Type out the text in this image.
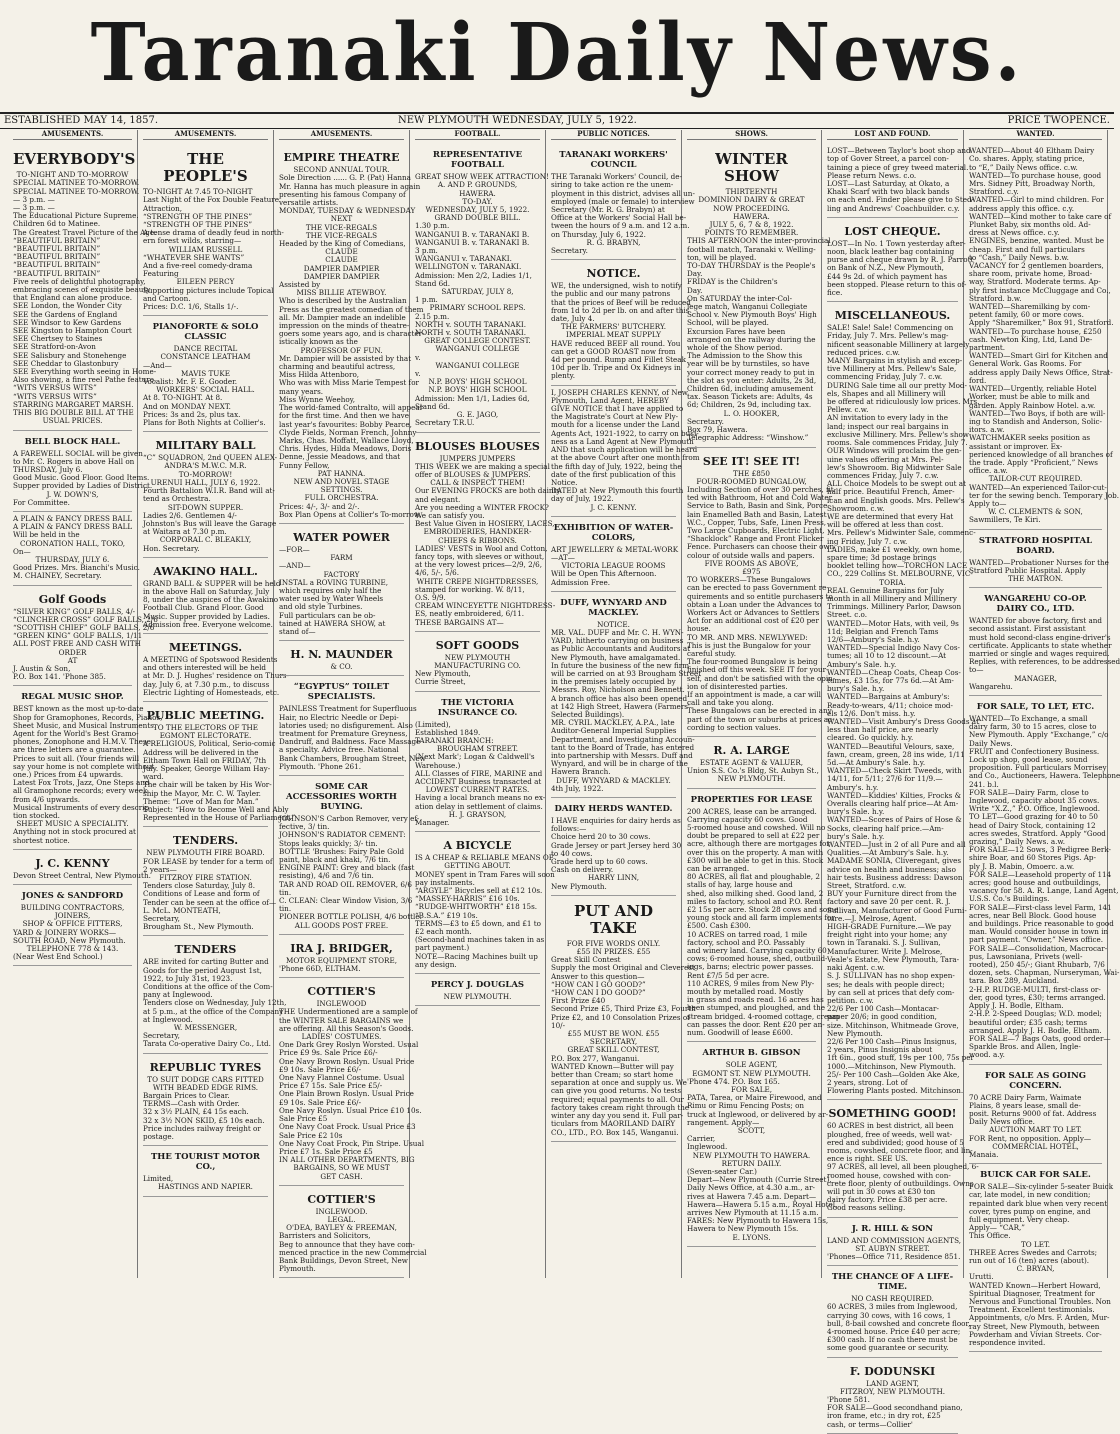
Taranaki Daily News.
ESTABLISHED MAY 14, 1857.	NEW PLYMOUTH WEDNESDAY, JULY 5, 1922.	PRICE TWOPENCE.
AMUSEMENTS.
EVERYBODY'S
TO-NIGHT AND TO-MORROW
SPECIAL MATINEE TO-MORROW.
SPECIAL MATINEE TO-MORROW.
— 3 p.m. —
— 3 p.m. —
The Educational Picture Supreme.
Children 6d to Matinee.
The Greatest Travel Picture of the Age.
“BEAUTIFUL BRITAIN”
“BEAUTIFUL BRITAIN”
“BEAUTIFUL BRITAIN”
“BEAUTIFUL BRITAIN”
“BEAUTIFUL BRITAIN”
Five reels of delightful photography,
embracing scenes of exquisite beauty
that England can alone produce.
SEE London, the Wonder City
SEE the Gardens of England
SEE Windsor to Kew Gardens
SEE Kingston to Hampton Court
SEE Chertsey to Staines
SEE Stratford-on-Avon
SEE Salisbury and Stonehenge
SEE Cheddar to Glastonbury
SEE Everything worth seeing in Home-
Also showing, a fine reel Pathe feature,
“WITS VERSUS WITS”
“WITS VERSUS WITS”
STARRING MARGARET MARSH.
THIS BIG DOUBLE BILL AT THE
USUAL PRICES.
BELL BLOCK HALL.
A FAREWELL SOCIAL will be given
to Mr. C. Rogers in above Hall on
THURSDAY, July 6.
Good Music. Good Floor. Good Items.
Supper provided by Ladies of District.
J. W. DOWN'S,
For Committee.
A PLAIN & FANCY DRESS BALL
A PLAIN & FANCY DRESS BALL
Will be held in the
CORONATION HALL, TOKO,
On—
THURSDAY, JULY 6.
Good Prizes. Mrs. Bianchi's Music.
M. CHAINEY, Secretary.
Golf Goods
“SILVER KING” GOLF BALLS, 4/-
“CLINCHER CROSS” GOLF BALLS, 2/6
“SCOTTISH CHIEF” GOLF BALLS, 2/6
“GREEN KING” GOLF BALLS, 1/11
ALL POST FREE AND CASH WITH
ORDER
AT
J. Austin & Son,
P.O. Box 141. 'Phone 385.
REGAL MUSIC SHOP.
BEST known as the most up-to-date
Shop for Gramophones, Records, Pianos,
Sheet Music, and Musical Instruments.
Agent for the World's Best Gramo-
phones, Zonophone and H.M.V. These
are three letters are a guarantee.
Prices to suit all. (Your friends will
say your home is not complete without
one.) Prices from £4 upwards.
Latest Fox Trots, Jazz, One Steps and
all Gramophone records; every week
from 4/6 upwards.
Musical Instruments of every descrip-
tion stocked.
SHEET MUSIC A SPECIALITY.
Anything not in stock procured at
shortest notice.
J. C. KENNY
Devon Street Central, New Plymouth.
JONES & SANDFORD
BUILDING CONTRACTORS,
JOINERS,
SHOP & OFFICE FITTERS,
YARD & JOINERY WORKS—
SOUTH ROAD, New Plymouth.
TELEPHONE 778 & 143.
(Near West End School.)
AMUSEMENTS.
THE PEOPLE'S
TO-NIGHT At 7.45 TO-NIGHT
Last Night of the Fox Double Feature
Attraction,
“STRENGTH OF THE PINES”
“STRENGTH OF THE PINES”
A tense drama of deadly feud in north-
ern forest wilds, starring—
WILLIAM RUSSELL
“WHATEVER SHE WANTS”
And a five-reel comedy-drama
Featuring
EILEEN PERCY
Supporting pictures include Topical
and Cartoon.
Prices: D.C. 1/6, Stalls 1/-.
PIANOFORTE & SOLO CLASSIC
DANCE RECITAL
CONSTANCE LEATHAM
—And—
MAVIS TUKE
Vocalist: Mr. F. E. Gooder.
WORKERS' SOCIAL HALL.
At 8. TO-NIGHT. At 8.
And on MONDAY NEXT.
Prices: 3s and 2s, plus tax.
Plans for Both Nights at Collier's.
MILITARY BALL
“C” SQUADRON, 2nd QUEEN ALEX-
ANDRA'S M.W.C. M.R.
TO-MORROW!
URENUI HALL, JULY 6, 1922.
Fourth Battalion W.I.R. Band will at-
tend as Orchestra.
SIT-DOWN SUPPER.
Ladies 2/6. Gentlemen 4/-
Johnston's Bus will leave the Garage
at Waitara at 7.30 p.m.
CORPORAL C. BLEAKLY,
Hon. Secretary.
AWAKINO HALL.
GRAND BALL & SUPPER will be held
in the above Hall on Saturday, July
8, under the auspices of the Awakino
Football Club. Grand Floor. Good
Music. Supper provided by Ladies.
Admission free. Everyone welcome.
MEETINGS.
A MEETING of Spotswood Residents
and others interested will be held
at Mr. D. J. Hughes' residence on Thurs-
day, July 6, at 7.30 p.m., to discuss
Electric Lighting of Homesteads, etc.
PUBLIC MEETING.
TO THE ELECTORS OF THE
EGMONT ELECTORATE.
A RELIGIOUS, Political, Serio-comic
Address will be delivered in the
Eltham Town Hall on FRIDAY, 7th
July. Speaker, George William Hay-
ward.
The chair will be taken by His Wor-
ship the Mayor, Mr. C. W. Tayler.
Theme: “Love of Man for Man.”
Subject: “How to Become Well and Ably
Represented in the House of Parliament.”
TENDERS.
NEW PLYMOUTH FIRE BOARD.
FOR LEASE by tender for a term of
2 years—
FITZROY FIRE STATION.
Tenders close Saturday, July 8.
Conditions of Lease and form of
Tender can be seen at the office of—
L. McL. MONTEATH,
Secretary,
Brougham St., New Plymouth.
TENDERS
ARE invited for carting Butter and
Goods for the period August 1st,
1922, to July 31st, 1923.
Conditions at the office of the Com-
pany at Inglewood.
Tenders close on Wednesday, July 12th,
at 5 p.m., at the office of the Company
at Inglewood.
W. MESSENGER,
Secretary,
Tarata Co-operative Dairy Co., Ltd.
REPUBLIC TYRES
TO SUIT DODGE CARS FITTED
WITH BEADED EDGE RIMS.
Bargain Prices to Clear.
TERMS—Cash with Order.
32 x 3½ PLAIN, £4 15s each.
32 x 3½ NON SKID, £5 10s each.
Price includes railway freight or
postage.
THE TOURIST MOTOR CO.,
Limited,
HASTINGS AND NAPIER.
AMUSEMENTS.
EMPIRE THEATRE
SECOND ANNUAL TOUR.
Sole Direction ...... G. P. (Pat) Hanna
Mr. Hanna has much pleasure in again
presenting his famous Company of
versatile artists.
MONDAY, TUESDAY & WEDNESDAY
NEXT
THE VICE-REGALS
THE VICE-REGALS
Headed by the King of Comedians,
CLAUDE
CLAUDE
DAMPIER DAMPIER
DAMPIER DAMPIER
Assisted by
MISS BILLIE ATEWBOY.
Who is described by the Australian
Press as the greatest comedian of them
all. Mr. Dampier made an indelible
impression on the minds of theatre-
goers some years ago, and is character-
istically known as the
PROFESSOR OF FUN.
Mr. Dampier will be assisted by that
charming and beautiful actress,
Miss Hilda Attenboro,
Who was with Miss Marie Tempest for
many years.
Miss Wynne Weehoy,
The world-famed Contralto, will appear
for the first time. And then we have
last year's favourites: Bobby Pearce,
Clyde Fields, Norman French, Johnny
Marks, Chas. Moffatt, Wallace Lloyd,
Chris. Hydes, Hilda Meadows, Doris
Denne, Jessie Meadows, and that
Funny Fellow,
PAT HANNA.
NEW AND NOVEL STAGE
SETTINGS.
FULL ORCHESTRA.
Prices: 4/-, 3/- and 2/-.
Box Plan Opens at Collier's To-morrow.
WATER POWER
—FOR—
FARM
—AND—
FACTORY
INSTAL a ROVING TURBINE,
which requires only half the
water used by Water Wheels
and old style Turbines.
Full particulars can be ob-
tained at HAWERA SHOW, at
stand of—
H. N. MAUNDER
& CO.
“EGYPTUS” TOILET SPECIALISTS.
PAINLESS Treatment for Superfluous
Hair, no Electric Needle or Depi-
latories used; no disfigurement. Also
treatment for Premature Greyness,
Dandruff, and Baldness. Face Massage
a specialty. Advice free. National
Bank Chambers, Brougham Street, New
Plymouth. 'Phone 261.
SOME CAR ACCESSORIES WORTH BUYING.
JOHNSON'S Carbon Remover, very ef-
fective, 3/ tin.
JOHNSON'S RADIATOR CEMENT:
Stops leaks quickly; 3/- tin.
BOTTLE 'Brushes: Fairy Pale Gold
paint, black and khaki, 7/6 tin.
ENGINE PAINT: Grey and black (fast
resisting), 4/6 and 7/6 tin.
TAR AND ROAD OIL REMOVER, 6/6
tin.
C. CLEAN: Clear Window Vision, 3/6
tin.
PIONEER BOTTLE POLISH, 4/6 bottle.
ALL GOODS POST FREE.
IRA J. BRIDGER,
MOTOR EQUIPMENT STORE,
'Phone 66D, ELTHAM.
COTTIER'S
INGLEWOOD
THE Undermentioned are a sample of
the WINTER SALE BARGAINS we
are offering. All this Season's Goods.
LADIES' COSTUMES.
One Dark Grey Roslyn Worsted. Usual
Price £9 9s. Sale Price £6/-
One Navy Brown Roslyn. Usual Price
£9 10s. Sale Price £6/-
One Navy Flannel Costume. Usual
Price £7 15s. Sale Price £5/-
One Plain Brown Roslyn. Usual Price
£9 10s. Sale Price £6/-
One Navy Roslyn. Usual Price £10 10s.
Sale Price £5
One Navy Coat Frock. Usual Price £3
Sale Price £2 10s
One Navy Coat Frock, Pin Stripe. Usual
Price £7 1s. Sale Price £5
IN ALL OTHER DEPARTMENTS, BIG
BARGAINS, SO WE MUST
GET CASH.
COTTIER'S
INGLEWOOD.
LEGAL.
O'DEA, BAYLEY & FREEMAN,
Barristers and Solicitors,
Beg to announce that they have com-
menced practice in the new Commercial
Bank Buildings, Devon Street, New
Plymouth.
FOOTBALL.
REPRESENTATIVE FOOTBALL
GREAT SHOW WEEK ATTRACTION!
A. AND P. GROUNDS,
HAWERA.
TO-DAY.
WEDNESDAY, JULY 5, 1922.
GRAND DOUBLE BILL.
1.30 p.m.
WANGANUI B. v. TARANAKI B.
WANGANUI B. v. TARANAKI B.
3 p.m.
WANGANUI v. TARANAKI.
WELLINGTON v. TARANAKI.
Admission: Men 2/2, Ladies 1/1,
Stand 6d.
SATURDAY, JULY 8,
1 p.m.
PRIMARY SCHOOL REPS.
2.15 p.m.
NORTH v. SOUTH TARANAKI.
NORTH v. SOUTH TARANAKI.
GREAT COLLEGE CONTEST.
WANGANUI COLLEGE
v.
WANGANUI COLLEGE
v.
N.P. BOYS' HIGH SCHOOL
N.P. BOYS' HIGH SCHOOL
Admission: Men 1/1, Ladies 6d,
Stand 6d.
G. E. JAGO,
Secretary T.R.U.
BLOUSES BLOUSES
JUMPERS JUMPERS
THIS WEEK we are making a special
offer of BLOUSES & JUMPERS.
CALL & INSPECT THEM!
Our EVENING FROCKS are both dainty
and elegant.
Are you needing a WINTER FROCK?
We can satisfy you.
Best Value Given in HOSIERY, LACES,
EMBROIDERIES, HANDKER-
CHIEFS & RIBBONS.
LADIES' VESTS in Wool and Cotton,
fancy tops, with sleeves or without,
at the very lowest prices—2/9, 2/6,
4/6, 5/-, 5/6.
WHITE CREPE NIGHTDRESSES,
stamped for working. W. 8/11,
O.S. 9/9.
CREAM WINCEYETTE NIGHTDRESS-
ES, neatly embroidered, 6/11.
THESE BARGAINS AT—
SOFT GOODS
NEW PLYMOUTH
MANUFACTURING CO.
New Plymouth,
Currie Street,
THE VICTORIA INSURANCE CO.
(Limited),
Established 1849.
TARANAKI BRANCH:
BROUGHAM STREET.
(Next Mark'; Logan & Caldwell's
Warehouse.)
ALL Classes of FIRE, MARINE and
ACCIDENT Business transacted at
LOWEST CURRENT RATES.
Having a local branch means no ex-
ation delay in settlement of claims.
H. J. GRAYSON,
Manager.
A BICYCLE
IS A CHEAP & RELIABLE MEANS OF
GETTING ABOUT.
MONEY spent in Tram Fares will soon
pay instalments.
“ARGYLE” Bicycles sell at £12 10s.
“MASSEY-HARRIS” £16 10s.
“RUDGE-WHITWORTH” £18 15s.
“B.S.A.” £19 10s.
TERMS—£3 to £5 down, and £1 to
£2 each month.
(Second-hand machines taken in as
part payment.)
NOTE—Racing Machines built up
any design.
PERCY J. DOUGLAS
NEW PLYMOUTH.
PUBLIC NOTICES.
TARANAKI WORKERS' COUNCIL
THE Taranaki Workers' Council, de-
siring to take action re the unem-
ployment in this district, advises all un-
employed (male or female) to interview
Secretary (Mr. R. G. Brabyn) at
Office at the Workers' Social Hall be-
tween the hours of 9 a.m. and 12 a.m.
on Thursday, July 6, 1922.
R. G. BRABYN,
Secretary.
NOTICE.
WE, the undersigned, wish to notify
the public and our many patrons
that the prices of Beef will be reduced
from 1d to 2d per lb. on and after this
date, July 4.
THE FARMERS' BUTCHERY.
IMPERIAL MEAT SUPPLY
HAVE reduced BEEF all round. You
can get a GOOD ROAST now from
4d per pound. Rump and Fillet Steak
10d per lb. Tripe and Ox Kidneys in
plenty.
I, JOSEPH CHARLES KENNY, of New
Plymouth, Land Agent, HEREBY
GIVE NOTICE that I have applied to
the Magistrate's Court at New Ply-
mouth for a license under the Land
Agents Act, 1921-1922, to carry on busi-
ness as a Land Agent at New Plymouth
AND that such application will be heard
at the above Court after one month from
the fifth day of July, 1922, being the
date of the first publication of this
Notice.
DATED at New Plymouth this fourth
day of July, 1922.
J. C. KENNY.
EXHIBITION OF WATER-COLORS,
ART JEWELLERY & METAL-WORK
—AT—
VICTORIA LEAGUE ROOMS
Will be Open This Afternoon.
Admission Free.
DUFF, WYNYARD AND MACKLEY.
NOTICE.
MR. VAL. DUFF and Mr. C. H. WYN-
YARD, hitherto carrying on business
as Public Accountants and Auditors at
New Plymouth, have amalgamated.
In future the business of the new firm
will be carried on at 93 Brougham Street
in the premises lately occupied by
Messrs. Roy, Nicholson and Bennett.
A branch office has also been opened
at 142 High Street, Hawera (Farmers'
Selected Buildings).
MR. CYRIL MACKLEY, A.P.A., late
Auditor-General Imperial Supplies
Department, and Investigating Accoun-
tant to the Board of Trade, has entered
into partnership with Messrs. Duff and
Wynyard, and will be in charge of the
Hawera Branch.
DUFF, WYNYARD & MACKLEY.
4th July, 1922.
DAIRY HERDS WANTED.
I HAVE enquiries for dairy herds as
follows:—
Choice herd 20 to 30 cows.
Grade Jersey or part Jersey herd 30
to 40 cows.
Grade herd up to 60 cows.
Cash on delivery.
HARRY LINN,
New Plymouth.
PUT AND TAKE
FOR FIVE WORDS ONLY.
£55 IN PRIZES. £55
Great Skill Contest
Supply the most Original and Cleverest
Answer to this question—
“HOW CAN I GO GOOD?”
“HOW CAN I DO GOOD?”
First Prize £40
Second Prize £5, Third Prize £3, Fourth
Prize £2, and 10 Consolation Prizes of
10/-
£55 MUST BE WON. £55
SECRETARY,
GREAT SKILL CONTEST,
P.O. Box 277, Wanganui.
WANTED Known—Butter will pay
better than Cream; so start home
separation at once and supply us. We
can give you good returns. No tests
required; equal payments to all. Our
factory takes cream right through the
winter any day you send it. Full par-
ticulars from MAORILAND DAIRY
CO., LTD., P.O. Box 145, Wanganui.
SHOWS.
WINTER SHOW
THIRTEENTH
DOMINION DAIRY & GREAT
NOW PROCEEDING.
HAWERA.
JULY 5, 6, 7 & 8, 1922.
POINTS TO REMEMBER.
THIS AFTERNOON the inter-provincial
football match, Taranaki v. Welling-
ton, will be played.
TO-DAY THURSDAY is the People's
Day.
FRIDAY is the Children's
Day.
On SATURDAY the inter-Col-
lege match, Wanganui Collegiate
School v. New Plymouth Boys' High
School, will be played.
Excursion Fares have been
arranged on the railway during the
whole of the Show period.
The Admission to the Show this
year will be by turnstiles, so have
your correct money ready to put in
the slot as you enter: Adults, 2s 3d,
Children 6d, including amusement
tax. Season Tickets are: Adults, 4s
6d; Children, 2s 9d, including tax.
L. O. HOOKER,
Secretary.
Box 79, Hawera.
Telegraphic Address: “Winshow.”
SEE IT! SEE IT!
THE £850
FOUR-ROOMED BUNGALOW,
Including Section of over 30 perches, fit-
ted with Bathroom, Hot and Cold Water
Service to Bath, Basin and Sink, Porce-
lain Enamelled Bath and Basin, Latest
W.C., Copper, Tubs, Safe, Linen Press,
Two Large Cupboards, Electric Light,
“Shacklock” Range and Front Flicker
Fence. Purchasers can choose their own
colour of outside walls and papers.
FIVE ROOMS AS ABOVE,
£975
TO WORKERS—These Bungalows
can be erected to pass Government re-
quirements and so entitle purchasers to
obtain a Loan under the Advances to
Workers Act or Advances to Settlers
Act for an additional cost of £20 per
house.
TO MR. AND MRS. NEWLYWED:
This is just the Bungalow for your
careful study.
The four-roomed Bungalow is being
finished off this week. SEE IT for your-
self, and don't be satisfied with the opin-
ion of disinterested parties.
If an appointment is made, a car will
call and take you along.
These Bungalows can be erected in any
part of the town or suburbs at prices ac-
cording to section values.
R. A. LARGE
ESTATE AGENT & VALUER,
Union S.S. Co.'s Bldg, St. Aubyn St.,
NEW PLYMOUTH.
PROPERTIES FOR LEASE
200 ACRES, lease can be arranged.
Carrying capacity 60 cows. Good
5-roomed house and cowshed. Will no
doubt be prepared to sell at £22 per
acre, although there are mortgages for
over this on the property. A man with
£300 will be able to get in this. Stock
can be arranged.
80 ACRES, all flat and ploughable, 2
stalls of hay, large house and
shed, also milking shed. Good land, 2
miles to factory, school and P.O. Rent
£2 15s per acre. Stock 28 cows and some
young stock and all farm implements for
£500. Cash £300.
10 ACRES on tarred road, 1 mile
factory, school and P.O. Passably
and winery land. Carrying capacity 60
cows; 6-roomed house, shed, outbuild-
ings, barns; electric power passes.
Rent £7/5 5d per acre.
110 ACRES, 9 miles from New Ply-
mouth by metalled road. Mostly
in grass and roads read. 16 acres has
been stumped, and ploughed, and the
stream bridged. 4-roomed cottage, cream
can passes the door. Rent £20 per an-
num. Goodwill of lease £600.
ARTHUR B. GIBSON
SOLE AGENT,
EGMONT ST. NEW PLYMOUTH.
'Phone 474. P.O. Box 165.
FOR SALE,
PATA, Tarea, or Maire Firewood, and
Rimu or Rimu Fencing Posts; on
truck at Inglewood, or delivered by ar-
rangement. Apply—
SCOTT,
Carrier,
Inglewood.
NEW PLYMOUTH TO HAWERA.
RETURN DAILY.
(Seven-seater Car.)
Depart—New Plymouth (Currie Street),
Daily News Office, at 4.30 a.m., ar-
rives at Hawera 7.45 a.m. Depart—
Hawera—Hawera 5.15 a.m., Royal Hotel,
arrives New Plymouth at 11.15 a.m.
FARES: New Plymouth to Hawera 15s,
Hawera to New Plymouth 15s.
E. LYONS.
LOST AND FOUND.
LOST—Between Taylor's boot shop and
top of Gover Street, a parcel con-
taining a piece of grey tweed material.
Please return News. c.o.
LOST—Last Saturday, at Okato, a
Khaki Scarf with two black bands
on each end. Finder please give to Sted-
ling and Andrews' Coachbuilder. c.y.
LOST CHEQUE.
LOST—In No. 1 Town yesterday after-
noon, black leather bag containing
purse and cheque drawn by R. J. Parrott
on Bank of N.Z., New Plymouth,
£44 9s 2d. of which payment has
been stopped. Please return to this of-
fice.
MISCELLANEOUS.
SALE! Sale! Sale! Commencing on
Friday, July 7. Mrs. Pellew's mag-
nificent seasonable Millinery at largely
reduced prices. c.w.
MANY Bargains in stylish and excep-
tive Millinery at Mrs. Pellew's Sale,
commencing Friday, July 7. c.w.
DURING Sale time all our pretty Mod-
els, Shapes and all Millinery will
be offered at ridiculously low prices. Mrs.
Pellew. c.w.
AN invitation to every lady in the
land; inspect our real bargains in
exclusive Millinery. Mrs. Pellew's show-
rooms. Sale commences Friday, July 7.
OUR Windows will proclaim the gen-
uine values offering at Mrs. Pel-
lew's Showroom. Big Midwinter Sale
commences Friday, July 7. c.w.
ALL Choice Models to be swept out at
half price. Beautiful French, Amer-
ican and English goods. Mrs. Pellew's
Showroom. c.w.
WE are determined that every Hat
will be offered at less than cost.
Mrs. Pellew's Midwinter Sale, commenc-
ing Friday, July 7. c.w.
LADIES, make £1 weekly, own home,
spare time; 3d postage brings
booklet telling how—TORCHON LACE
CO., 229 Collins St. MELBOURNE, VIC-
TORIA.
REAL Genuine Bargains for July
month in all Millinery and Millinery
Trimmings. Millinery Parlor, Dawson
Street. c.o.
WANTED—Motor Hats, with veil, 9s
11d; Belgian and French Tams
12/6—Ambury's Sale. h.y.
WANTED—Special Indigo Navy Cos-
tumes; all 10 to 12 discount.—At
Ambury's Sale. h.y.
WANTED—Cheap Coats, Cheap Cos-
tumes, £3 15s, for 77s 6d.—At Am-
bury's Sale. h.y.
WANTED—Bargains at Ambury's:
Ready-to-wears, 4/11; choice mod-
els 12/6. Don't miss. h.y.
WANTED—Visit Ambury's Dress Goods at
less than half price, are nearly
cleared. Go quickly. h.y.
WANTED—Beautiful Velours, saxe,
fawn, cream, green, 28 ins wide, 1/11
5d.—At Ambury's Sale. h.y.
WANTED—Check Skirt Tweeds, with
14/11, for 5/11; 27/6 for 11/9.—
Ambury's. h.y.
WANTED—Kiddies' Kilties, Frocks &
Overalls clearing half price—At Am-
bury's Sale. h.y.
WANTED—Scores of Pairs of Hose &
Socks, clearing half price.—Am-
bury's Sale. h.y.
WANTED—Just in 2 of all Pure and all
Qualities.—At Ambury's Sale. h.y.
MADAME SONIA, Cliveregant, gives
advice on health and business; also
hair tests. Business address: Dawson
Street, Stratford. c.w.
BUY your Furniture direct from the
factory and save 20 per cent. R. J.
Sullivan, Manufacturer of Good Furni-
ture.—J. Melrose, Agent.
HIGH-GRADE Furniture.—We pay
freight right into your home; any
town in Taranaki. S. J. Sullivan,
Manufacturer. Write J. Melrose,
Veale's Estate, New Plymouth, Tara-
naki Agent. c.w.
S. J. SULLIVAN has no shop expen-
ses; he deals with people direct;
by can sell at prices that defy com-
petition. c.w.
22/6 Per 100 Cash—Montacar-
paper 20/6; in good condition,
size. Mitchinson, Whitmeade Grove,
New Plymouth.
22/6 Per 100 Cash—Pinus Insignus,
2 years, Pinus Insignis about
1ft 6in., good stuff, 19s per 100, 75s per
1000.—Mitchinson, New Plymouth.
25/- Per 100 Cash—Golden Ake Ake,
2 years, strong. Lot of
Flowering Plants posted. Mitchinson.
SOMETHING GOOD!
60 ACRES in best district, all been
ploughed, free of weeds, well wat-
ered and subdivided; good house of 5
rooms, cowshed, concrete floor, and lin-
ence is right. SEE US.
97 ACRES, all level, all been ploughed, 6-
roomed house, cowshed with con-
crete floor, plenty of outbuildings. Owns
will put in 30 cows at £30 ton
dairy factory. Price £38 per acre.
Good reasons selling.
J. R. HILL & SON
LAND AND COMMISSION AGENTS,
ST. AUBYN STREET.
'Phones—Office 711, Residence 851.
THE CHANCE OF A LIFE-TIME.
NO CASH REQUIRED.
60 ACRES, 3 miles from Inglewood,
carrying 30 cows, with 16 cows, 1
bull, 8-bail cowshed and concrete floor,
4-roomed house. Price £40 per acre;
£300 cash. If no cash there must be
some good guarantee or security.
F. DODUNSKI
LAND AGENT,
FITZROY, NEW PLYMOUTH.
'Phone 581.
FOR SALE—Good secondhand piano,
iron frame, etc.; in dry rot, £25
cash, or terms—Collier'
WANTED.
WANTED—About 40 Eltham Dairy
Co. shares. Apply, stating price,
to “E,” Daily News office. c.w.
WANTED—To purchase house, good
Mrs. Sidney Pitt, Broadway North,
Stratford. c.y.
WANTED—Girl to mind children. For
address apply this office. c.y.
WANTED—Kind mother to take care of
Plunket Baby, six months old. Ad-
dress at News office. c.y.
ENGINES, benzine, wanted. Must be
cheap. First and full particulars
to “Cash,” Daily News. b.w.
VACANCY for 2 gentlemen boarders,
share room, private home, Broad-
way, Stratford. Moderate terms. Ap-
ply first instance McCluggage and Co.,
Stratford. b.w.
WANTED—Sharemilking by com-
petent family, 60 or more cows.
Apply “Sharemilker,” Box 91, Stratford.
WANTED—To purchase house, £250
cash. Newton King, Ltd, Land De-
partment.
WANTED—Smart Girl for Kitchen and
General Work. Gas Rooms. For
address apply Daily News Office, Strat-
ford.
WANTED—Urgently, reliable Hotel
Worker, must be able to milk and
garden. Apply Rainbow Hotel. a.w.
WANTED—Two Boys, if both are will-
ing to Standish and Anderson, Solic-
itors. a.w.
WATCHMAKER seeks position as
assistant or improver. Ex-
perienced knowledge of all branches of
the trade. Apply “Proficient,” News
office. a.w.
TAILOR-CUT REQUIRED.
WANTED—An experienced Tailor-cut-
ter for the sewing bench. Temporary Job.
Apply to—
W. C. CLEMENTS & SON,
Sawmillers, Te Kiri.
STRATFORD HOSPITAL BOARD.
WANTED—Probationer Nurses for the
Stratford Public Hospital. Apply
THE MATRON.
WANGAREHU CO-OP. DAIRY CO., LTD.
WANTED for above factory, first and
second assistant. First assistant
must hold second-class engine-driver's
certificate. Applicants to state whether
married or single and wages required.
Replies, with references, to be addressed
to—
MANAGER,
Wangarehu.
FOR SALE, TO LET, ETC.
WANTED—To Exchange, a small
dairy farm, 30 to 15 acres, close to
New Plymouth. Apply “Exchange,” c/o
Daily News.
FRUIT and Confectionery Business.
Lock up shop, good lease, sound
proposition. Full particulars Morrisey
and Co., Auctioneers, Hawera. Telephone
241. b.l.
FOR SALE—Dairy Farm, close to
Inglewood, capacity about 35 cows.
Write “X.Z.,” P.O. Office, Inglewood.
TO LET—Good grazing for 40 to 50
head of Dairy Stock, containing 12
acres swedes, Stratford. Apply “Good
grazing,” Daily News. a.w.
FOR SALE—12 Sows, 3 Pedigree Berk-
shire Boar, and 60 Stores Pigs. Ap-
ply J. B. Mabin, Omoerc. a.w.
FOR SALE—Leasehold property of 114
acres; good house and outbuildings,
vacancy for 58. A. R. Lange, Land Agent,
U.S.S. Co.'s Buildings.
FOR SALE—First-class level Farm, 141
acres, near Bell Block. Good house
and buildings. Price reasonable to good
man. Would consider house in town in
part payment. “Owner,” News office.
FOR SALE—Consolidation, Macrocar-
pus, Lawsoniana, Privets (well-
rooted), 250 45/-; Giant Rhubarb, 7/6
dozen, sets. Chapman, Nurseryman, Wai-
tara. Box 289, Auckland.
2-H.P. RUDGE-MULTI, first-class or-
der, good tyres, £30; terms arranged.
Apply J. H. Bodle, Eltham.
2-H.P. 2-Speed Douglas; W.D. model;
beautiful order; £35 cash; terms
arranged. Apply J. H. Bodle, Eltham.
FOR SALE—7 Bags Oats, good order—
Sparkle Bros. and Allen, Ingle-
wood. a.y.
FOR SALE AS GOING CONCERN.
70 ACRE Dairy Farm, Waimate
Plains, 8 years lease, small de-
posit. Returns 9000 of fat. Address
Daily News office.
AUCTION MART TO LET.
FOR Rent, no opposition. Apply—
COMMERCIAL HOTEL,
Manaia.
BUICK CAR FOR SALE.
FOR SALE—Six-cylinder 5-seater Buick
car, late model, in new condition;
repainted dark blue when very recent
cover, tyres pump on engine, and
full equipment. Very cheap.
Apply— “CAR,”
This Office.
TO LET.
THREE Acres Swedes and Carrots;
run out of 16 (ten) acres (about).
C. BRYAN,
Urutti.
WANTED Known—Herbert Howard,
Spiritual Diagnoser, Treatment for
Nervous and Functional Troubles. Non
Treatment. Excellent testimonials.
Appointments, c/o Mrs. F. Arden, Mur-
ray Street, New Plymouth, between
Powderham and Vivian Streets. Cor-
respondence invited.
